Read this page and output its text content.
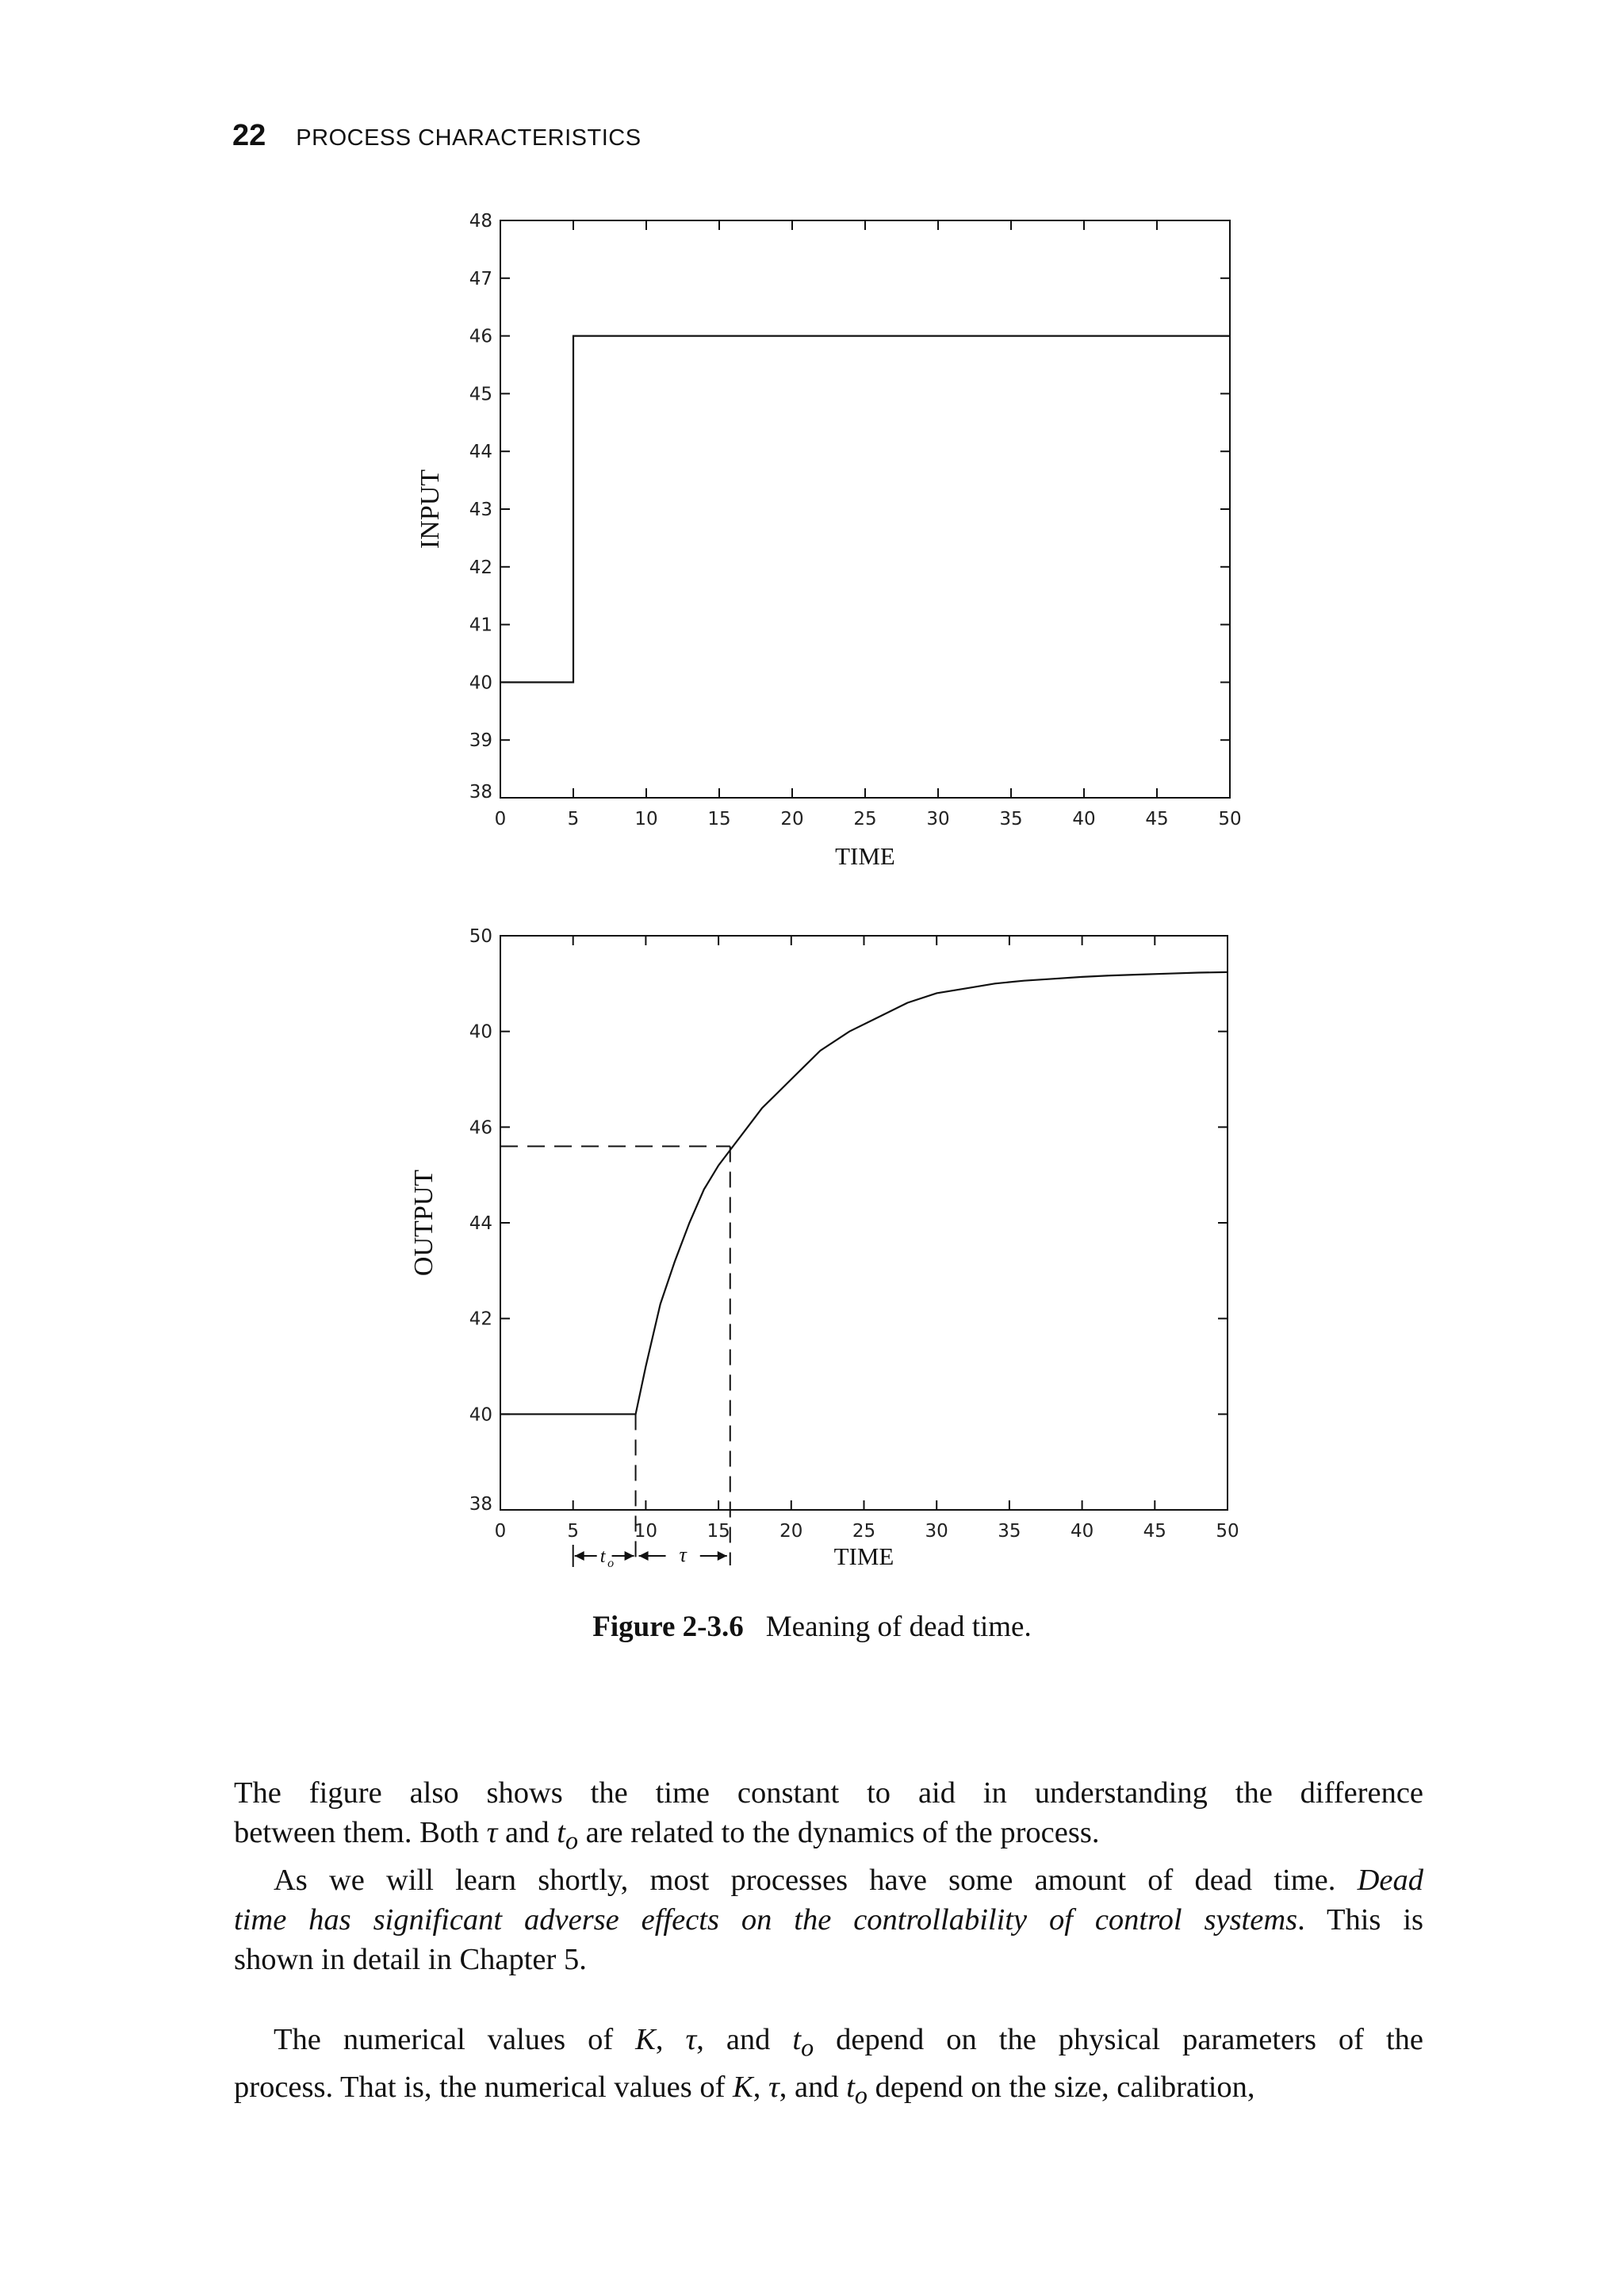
22 PROCESS CHARACTERISTICS
0	5	10	15	20	25	30	35	40	45	50
38
39
40
41
42
43
44
45
46
47
48
TIME
INPUT
0	5	10	15	20	25	30	35	40	45	50
38
40
42
44
46
40
50
TIME
OUTPUT
t o	τ
Figure 2-3.6 Meaning of dead time.

The figure also shows the time constant to aid in understanding the difference
between them. Both τ and $t_o$ are related to the dynamics of the process.

As we will learn shortly, most processes have some amount of dead time. Dead
time has significant adverse effects on the controllability of control systems. This is
shown in detail in Chapter 5.

The numerical values of K, τ, and $t_o$ depend on the physical parameters of the
process. That is, the numerical values of K, τ, and $t_o$ depend on the size, calibration,
